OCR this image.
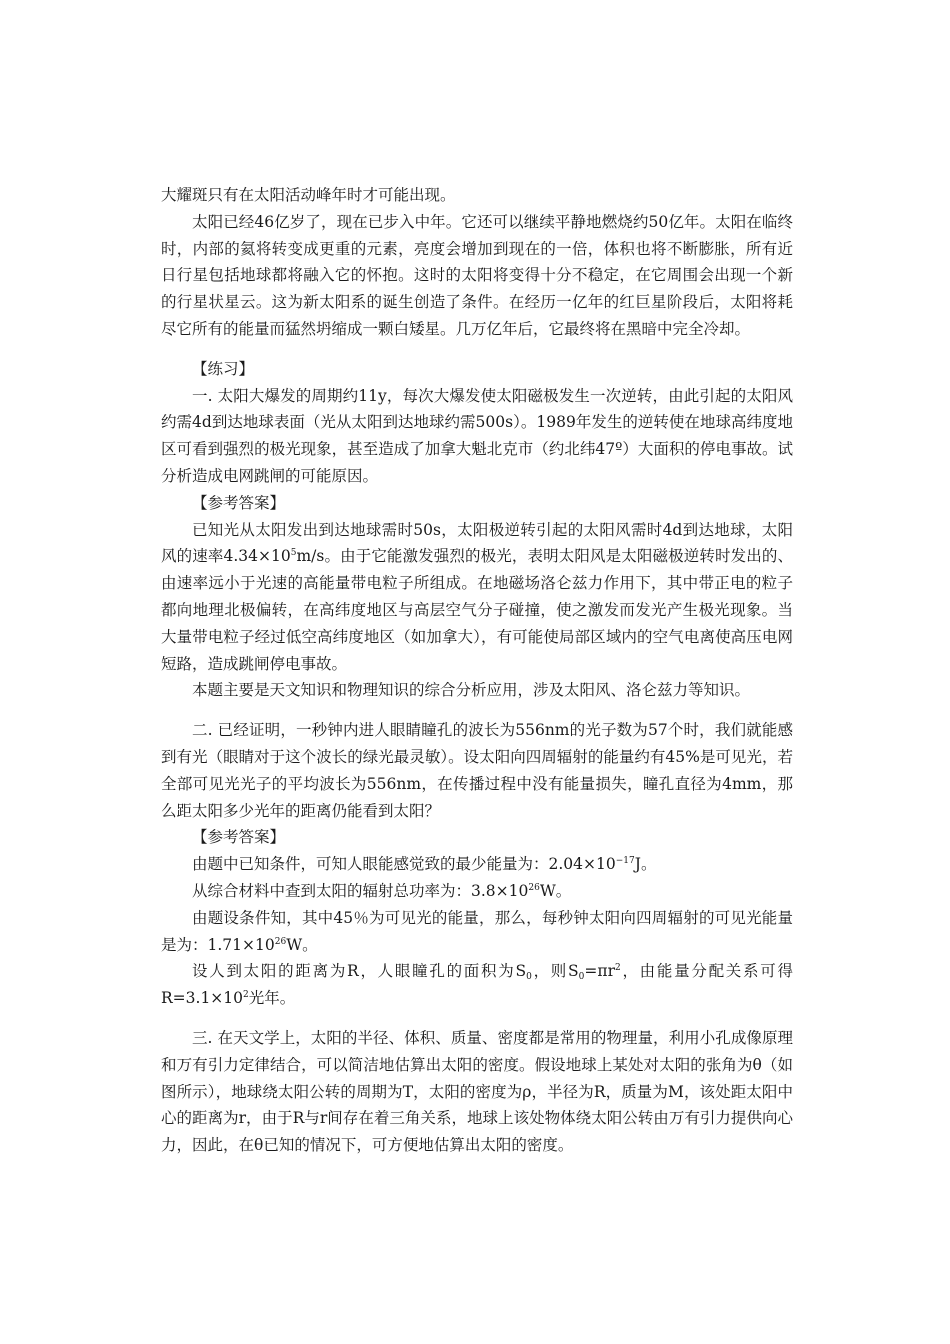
大耀斑只有在太阳活动峰年时才可能出现。

太阳已经46亿岁了，现在已步入中年。它还可以继续平静地燃烧约50亿年。太阳在临终时，内部的氦将转变成更重的元素，亮度会增加到现在的一倍，体积也将不断膨胀，所有近日行星包括地球都将融入它的怀抱。这时的太阳将变得十分不稳定，在它周围会出现一个新的行星状星云。这为新太阳系的诞生创造了条件。在经历一亿年的红巨星阶段后，太阳将耗尽它所有的能量而猛然坍缩成一颗白矮星。几万亿年后，它最终将在黑暗中完全冷却。

【练习】

一. 太阳大爆发的周期约11y，每次大爆发使太阳磁极发生一次逆转，由此引起的太阳风约需4d到达地球表面（光从太阳到达地球约需500s）。1989年发生的逆转使在地球高纬度地区可看到强烈的极光现象，甚至造成了加拿大魁北克市（约北纬47º）大面积的停电事故。试分析造成电网跳闸的可能原因。

【参考答案】

已知光从太阳发出到达地球需时50s，太阳极逆转引起的太阳风需时4d到达地球，太阳风的速率$4.34\times 10^5m/s$。由于它能激发强烈的极光，表明太阳风是太阳磁极逆转时发出的、由速率远小于光速的高能量带电粒子所组成。在地磁场洛仑兹力作用下，其中带正电的粒子都向地理北极偏转，在高纬度地区与高层空气分子碰撞，使之激发而发光产生极光现象。当大量带电粒子经过低空高纬度地区（如加拿大），有可能使局部区域内的空气电离使高压电网短路，造成跳闸停电事故。

本题主要是天文知识和物理知识的综合分析应用，涉及太阳风、洛仑兹力等知识。

二. 已经证明，一秒钟内进人眼睛瞳孔的波长为556nm的光子数为57个时，我们就能感到有光（眼睛对于这个波长的绿光最灵敏）。设太阳向四周辐射的能量约有45%是可见光，若全部可见光光子的平均波长为556nm，在传播过程中没有能量损失，瞳孔直径为4mm，那么距太阳多少光年的距离仍能看到太阳？

【参考答案】

由题中已知条件，可知人眼能感觉致的最少能量为：$2.04\times 10^{-17}J$。

从综合材料中查到太阳的辐射总功率为：$3.8\times 10^{26}W$。

由题设条件知，其中45％为可见光的能量，那么，每秒钟太阳向四周辐射的可见光能量是为：$1.71\times 10^{26}W$。

设人到太阳的距离为R，人眼瞳孔的面积为$S_0$，则$S_0=\pi r^2$，由能量分配关系可得$R=3.1\times 10^2$光年。

三. 在天文学上，太阳的半径、体积、质量、密度都是常用的物理量，利用小孔成像原理和万有引力定律结合，可以简洁地估算出太阳的密度。假设地球上某处对太阳的张角为θ（如图所示），地球绕太阳公转的周期为T，太阳的密度为ρ，半径为R，质量为M，该处距太阳中心的距离为r，由于R与r间存在着三角关系，地球上该处物体绕太阳公转由万有引力提供向心力，因此，在θ已知的情况下，可方便地估算出太阳的密度。
